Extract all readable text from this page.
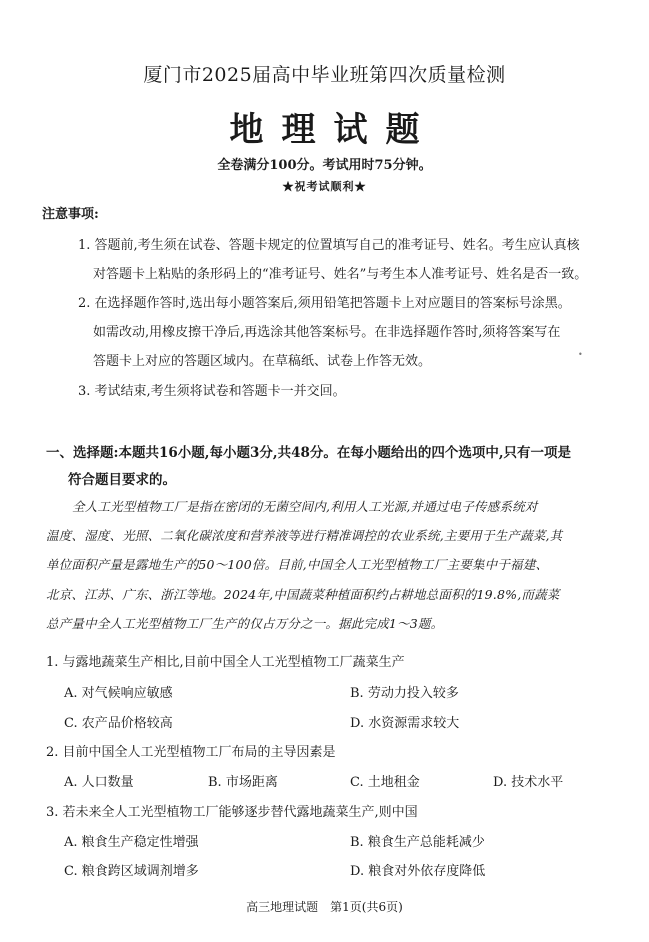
厦门市2025届高中毕业班第四次质量检测
地理试题
全卷满分100分。考试用时75分钟。
★祝考试顺利★
注意事项:
1. 答题前,考生须在试卷、答题卡规定的位置填写自己的准考证号、姓名。考生应认真核
对答题卡上粘贴的条形码上的“准考证号、姓名”与考生本人准考证号、姓名是否一致。
2. 在选择题作答时,选出每小题答案后,须用铅笔把答题卡上对应题目的答案标号涂黑。
如需改动,用橡皮擦干净后,再选涂其他答案标号。在非选择题作答时,须将答案写在
答题卡上对应的答题区域内。在草稿纸、试卷上作答无效。
3. 考试结束,考生须将试卷和答题卡一并交回。
•
一、选择题:本题共16小题,每小题3分,共48分。在每小题给出的四个选项中,只有一项是
符合题目要求的。
全人工光型植物工厂是指在密闭的无菌空间内,利用人工光源,并通过电子传感系统对
温度、湿度、光照、二氧化碳浓度和营养液等进行精准调控的农业系统,主要用于生产蔬菜,其
单位面积产量是露地生产的50～100倍。目前,中国全人工光型植物工厂主要集中于福建、
北京、江苏、广东、浙江等地。2024年,中国蔬菜种植面积约占耕地总面积的19.8%,而蔬菜
总产量中全人工光型植物工厂生产的仅占万分之一。据此完成1～3题。
1. 与露地蔬菜生产相比,目前中国全人工光型植物工厂蔬菜生产
A. 对气候响应敏感	B. 劳动力投入较多
C. 农产品价格较高	D. 水资源需求较大
2. 目前中国全人工光型植物工厂布局的主导因素是
A. 人口数量	B. 市场距离	C. 土地租金	D. 技术水平
3. 若未来全人工光型植物工厂能够逐步替代露地蔬菜生产,则中国
A. 粮食生产稳定性增强	B. 粮食生产总能耗减少
C. 粮食跨区域调剂增多	D. 粮食对外依存度降低
高三地理试题　第1页(共6页)
